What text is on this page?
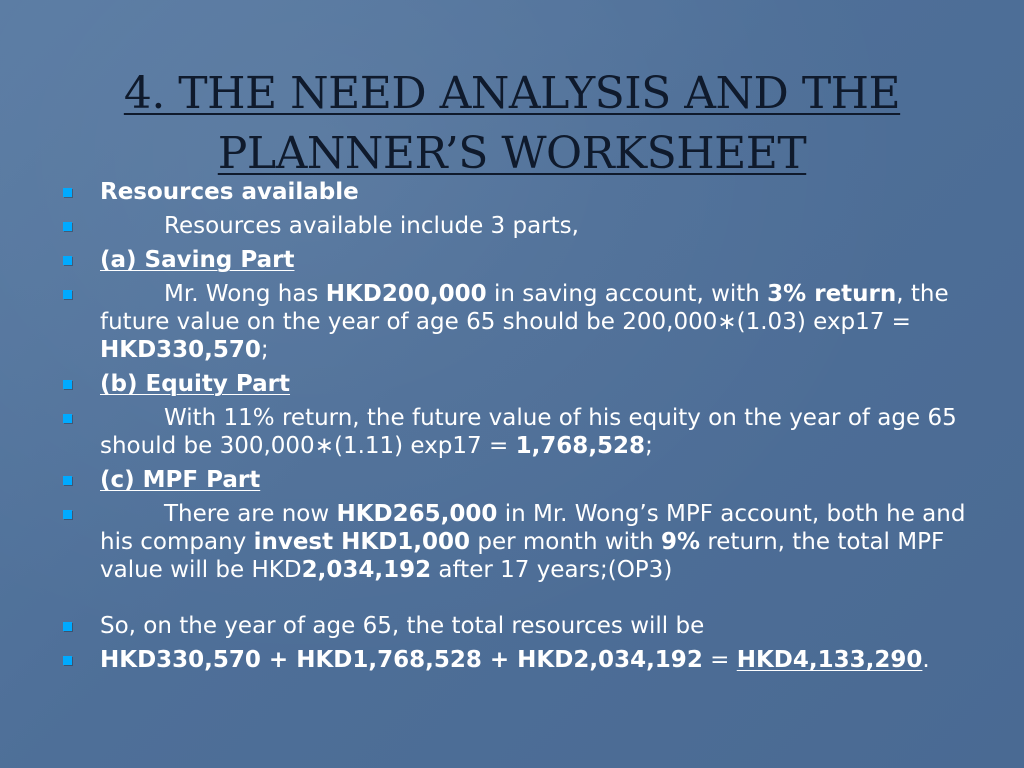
4. THE NEED ANALYSIS AND THE
PLANNER’S WORKSHEET
Resources available
Resources available include 3 parts,
(a) Saving Part
Mr. Wong has HKD200,000 in saving account, with 3% return, the future value on the year of age 65 should be 200,000∗(1.03) exp17 = HKD330,570;
(b) Equity Part
With 11% return, the future value of his equity on the year of age 65 should be 300,000∗(1.11) exp17 = 1,768,528;
(c) MPF Part
There are now HKD265,000 in Mr. Wong’s MPF account, both he and his company invest HKD1,000 per month with 9% return, the total MPF value will be HKD2,034,192 after 17 years;(OP3)
So, on the year of age 65, the total resources will be
HKD330,570 + HKD1,768,528 + HKD2,034,192 = HKD4,133,290.
